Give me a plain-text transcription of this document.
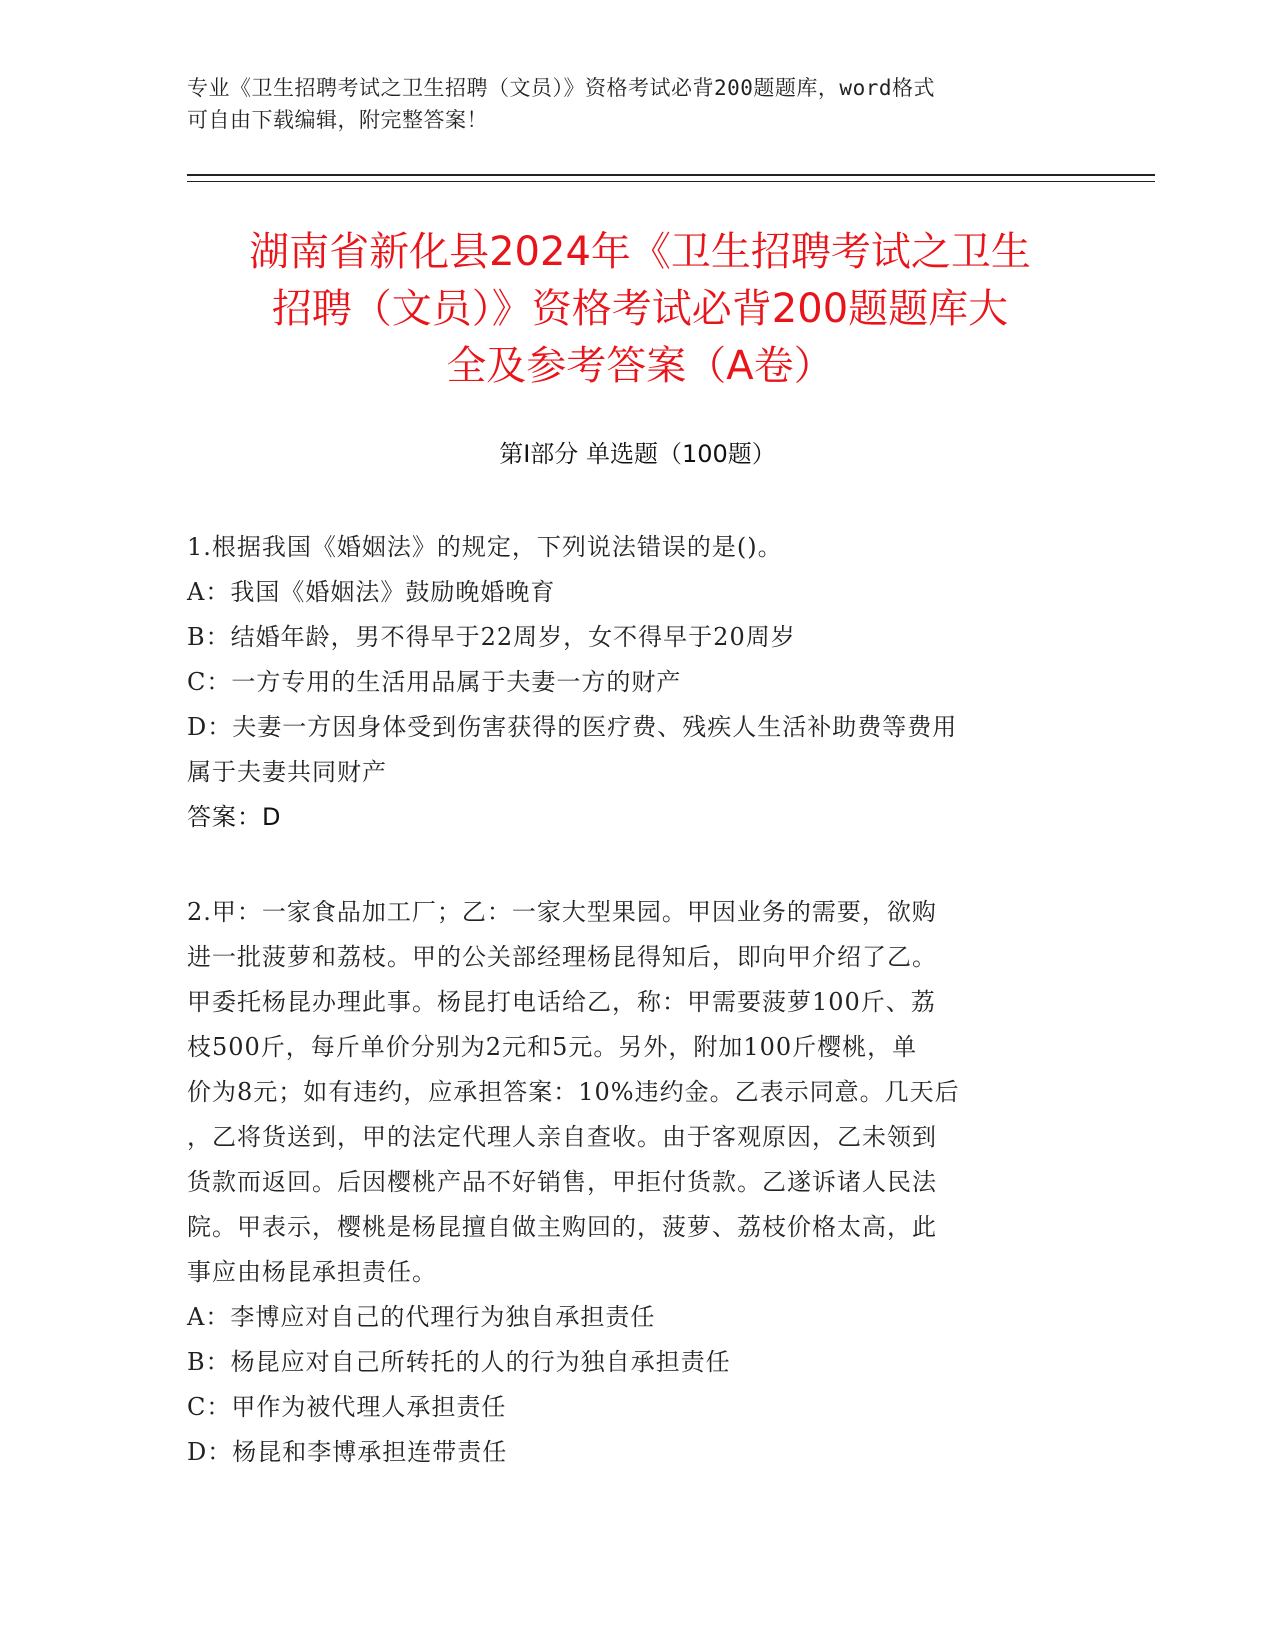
专业《卫生招聘考试之卫生招聘（文员）》资格考试必背200题题库，word格式
可自由下载编辑，附完整答案！
湖南省新化县2024年《卫生招聘考试之卫生
招聘（文员）》资格考试必背200题题库大
全及参考答案（A卷）
第Ⅰ部分 单选题（100题）
1.根据我国《婚姻法》的规定，下列说法错误的是()。
A：我国《婚姻法》鼓励晚婚晚育
B：结婚年龄，男不得早于22周岁，女不得早于20周岁
C：一方专用的生活用品属于夫妻一方的财产
D：夫妻一方因身体受到伤害获得的医疗费、残疾人生活补助费等费用
属于夫妻共同财产
答案：D
2.甲：一家食品加工厂；乙：一家大型果园。甲因业务的需要，欲购
进一批菠萝和荔枝。甲的公关部经理杨昆得知后，即向甲介绍了乙。
甲委托杨昆办理此事。杨昆打电话给乙，称：甲需要菠萝100斤、荔
枝500斤，每斤单价分别为2元和5元。另外，附加100斤樱桃，单
价为8元；如有违约，应承担答案：10%违约金。乙表示同意。几天后
，乙将货送到，甲的法定代理人亲自查收。由于客观原因，乙未领到
货款而返回。后因樱桃产品不好销售，甲拒付货款。乙遂诉诸人民法
院。甲表示，樱桃是杨昆擅自做主购回的，菠萝、荔枝价格太高，此
事应由杨昆承担责任。
A：李博应对自己的代理行为独自承担责任
B：杨昆应对自己所转托的人的行为独自承担责任
C：甲作为被代理人承担责任
D：杨昆和李博承担连带责任
